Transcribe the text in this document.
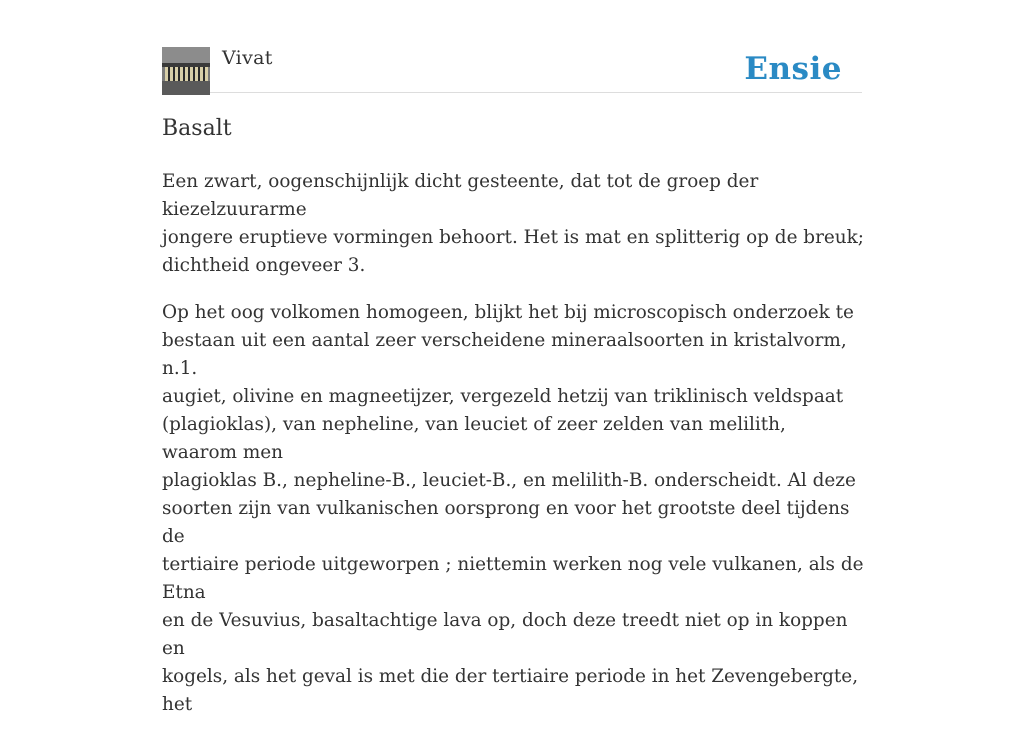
Vivat	Ensie
Basalt

Een zwart, oogenschijnlijk dicht gesteente, dat tot de groep der kiezelzuurarme
jongere eruptieve vormingen behoort. Het is mat en splitterig op de breuk;
dichtheid ongeveer 3.

Op het oog volkomen homogeen, blijkt het bij microscopisch onderzoek te
bestaan uit een aantal zeer verscheidene mineraalsoorten in kristalvorm, n.1.
augiet, olivine en magneetijzer, vergezeld hetzij van triklinisch veldspaat
(plagioklas), van nepheline, van leuciet of zeer zelden van melilith, waarom men
plagioklas B., nepheline-B., leuciet-B., en melilith-B. onderscheidt. Al deze
soorten zijn van vulkanischen oorsprong en voor het grootste deel tijdens de
tertiaire periode uitgeworpen ; niettemin werken nog vele vulkanen, als de Etna
en de Vesuvius, basaltachtige lava op, doch deze treedt niet op in koppen en
kogels, als het geval is met die der tertiaire periode in het Zevengebergte, het
